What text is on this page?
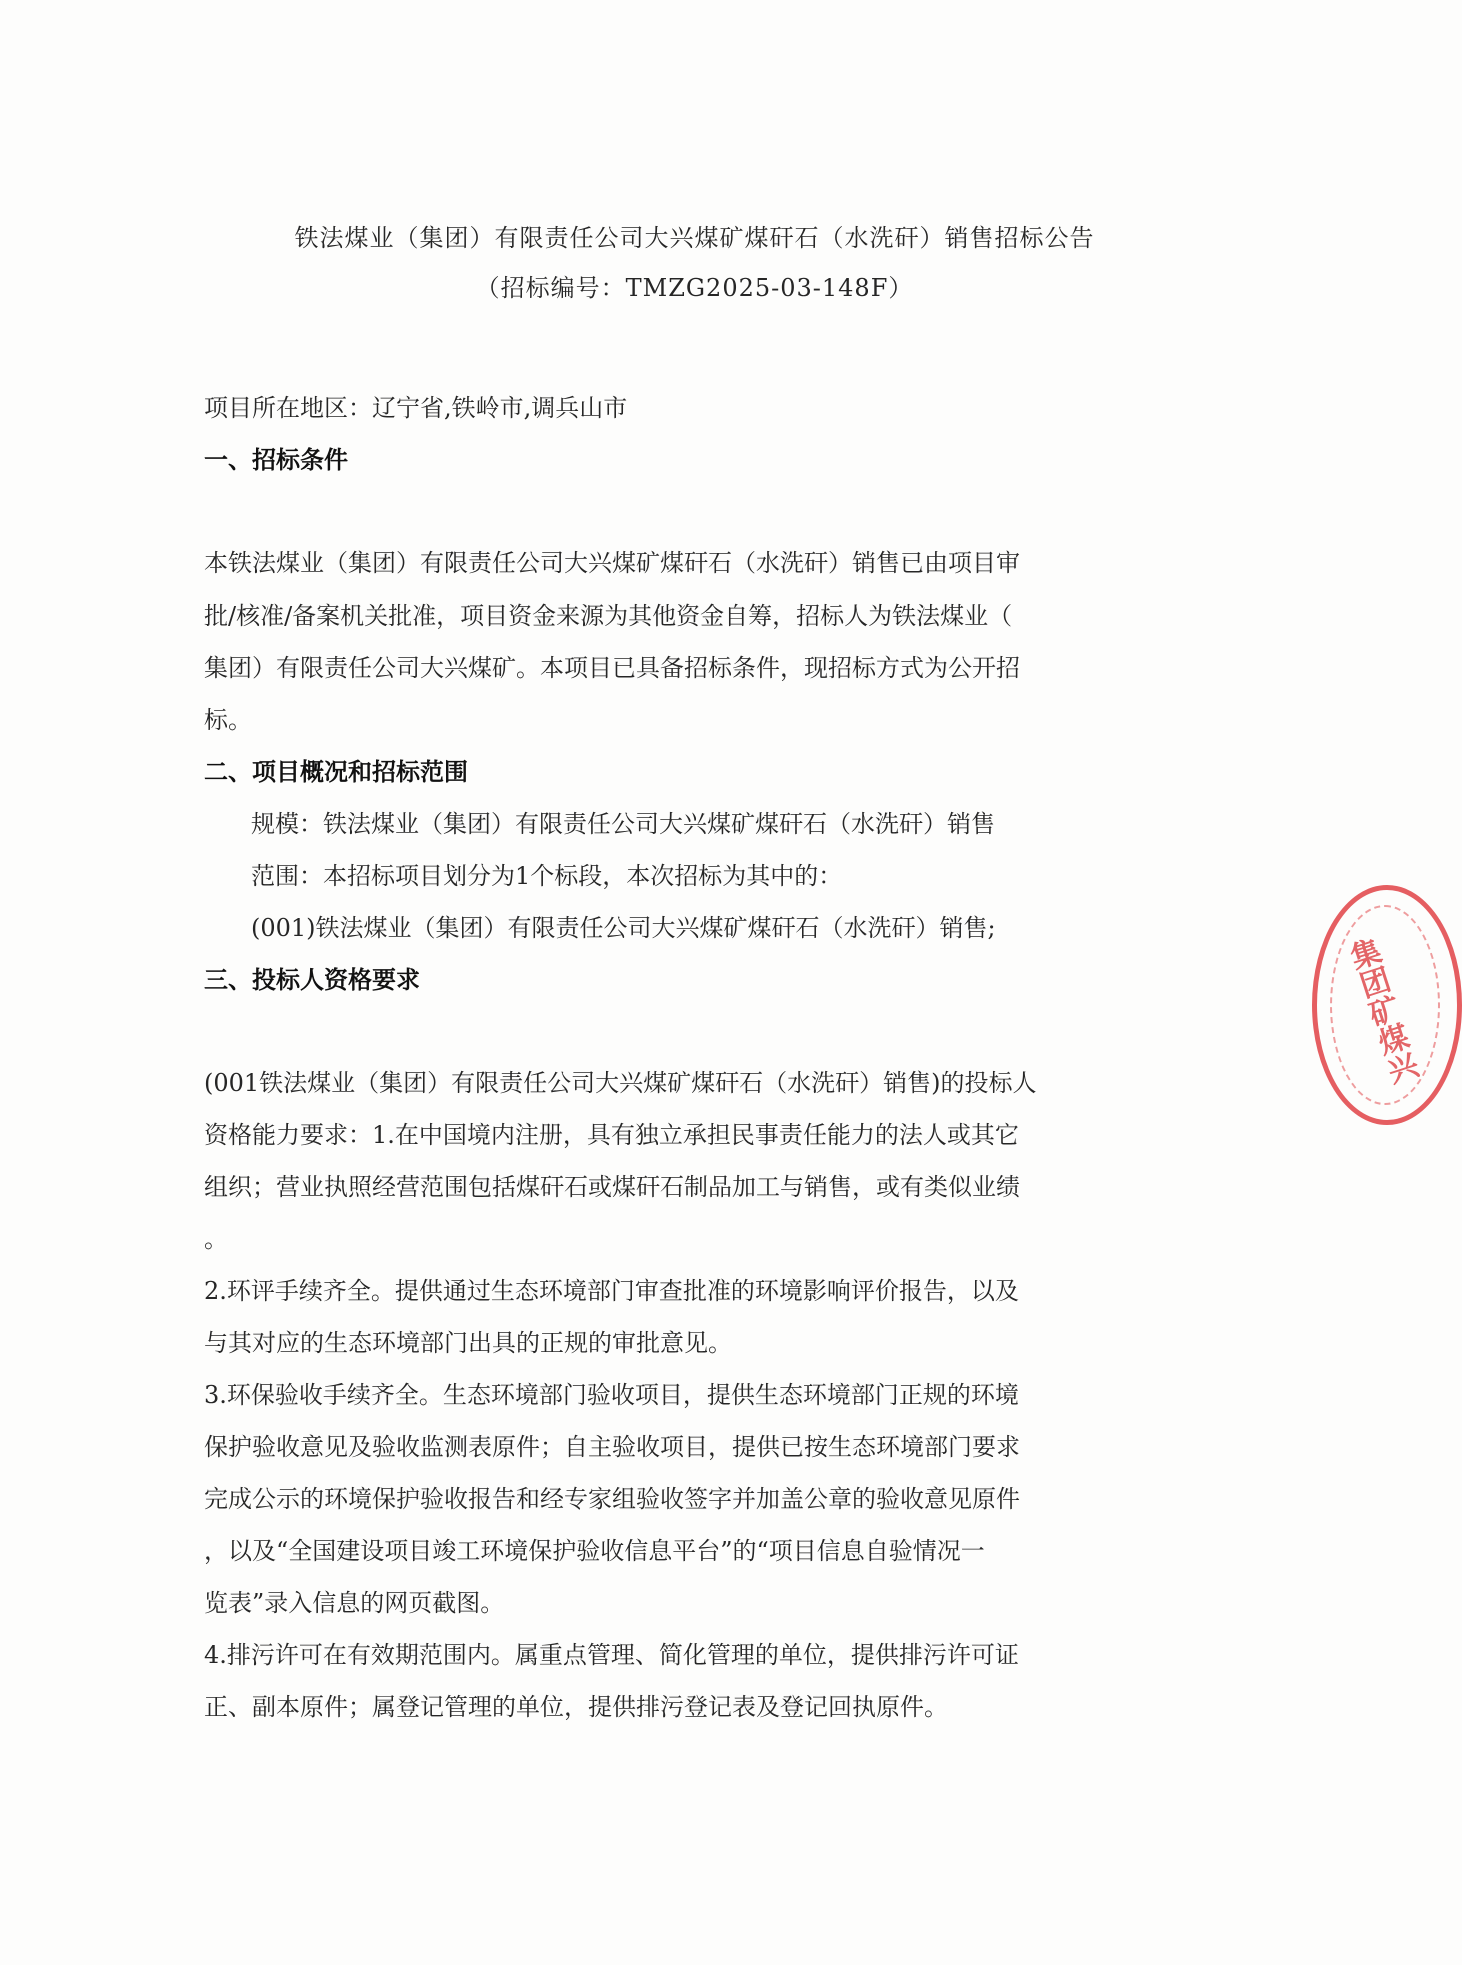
铁法煤业（集团）有限责任公司大兴煤矿煤矸石（水洗矸）销售招标公告
（招标编号：TMZG2025-03-148F）
项目所在地区：辽宁省,铁岭市,调兵山市
一、招标条件
本铁法煤业（集团）有限责任公司大兴煤矿煤矸石（水洗矸）销售已由项目审
批/核准/备案机关批准，项目资金来源为其他资金自筹，招标人为铁法煤业（
集团）有限责任公司大兴煤矿。本项目已具备招标条件，现招标方式为公开招
标。
二、项目概况和招标范围
规模：铁法煤业（集团）有限责任公司大兴煤矿煤矸石（水洗矸）销售
范围：本招标项目划分为1个标段，本次招标为其中的：
(001)铁法煤业（集团）有限责任公司大兴煤矿煤矸石（水洗矸）销售;
三、投标人资格要求
(001铁法煤业（集团）有限责任公司大兴煤矿煤矸石（水洗矸）销售)的投标人
资格能力要求：1.在中国境内注册，具有独立承担民事责任能力的法人或其它
组织；营业执照经营范围包括煤矸石或煤矸石制品加工与销售，或有类似业绩
。
2.环评手续齐全。提供通过生态环境部门审查批准的环境影响评价报告，以及
与其对应的生态环境部门出具的正规的审批意见。
3.环保验收手续齐全。生态环境部门验收项目，提供生态环境部门正规的环境
保护验收意见及验收监测表原件；自主验收项目，提供已按生态环境部门要求
完成公示的环境保护验收报告和经专家组验收签字并加盖公章的验收意见原件
，以及“全国建设项目竣工环境保护验收信息平台”的“项目信息自验情况一
览表”录入信息的网页截图。
4.排污许可在有效期范围内。属重点管理、简化管理的单位，提供排污许可证
正、副本原件；属登记管理的单位，提供排污登记表及登记回执原件。
集团矿煤兴
